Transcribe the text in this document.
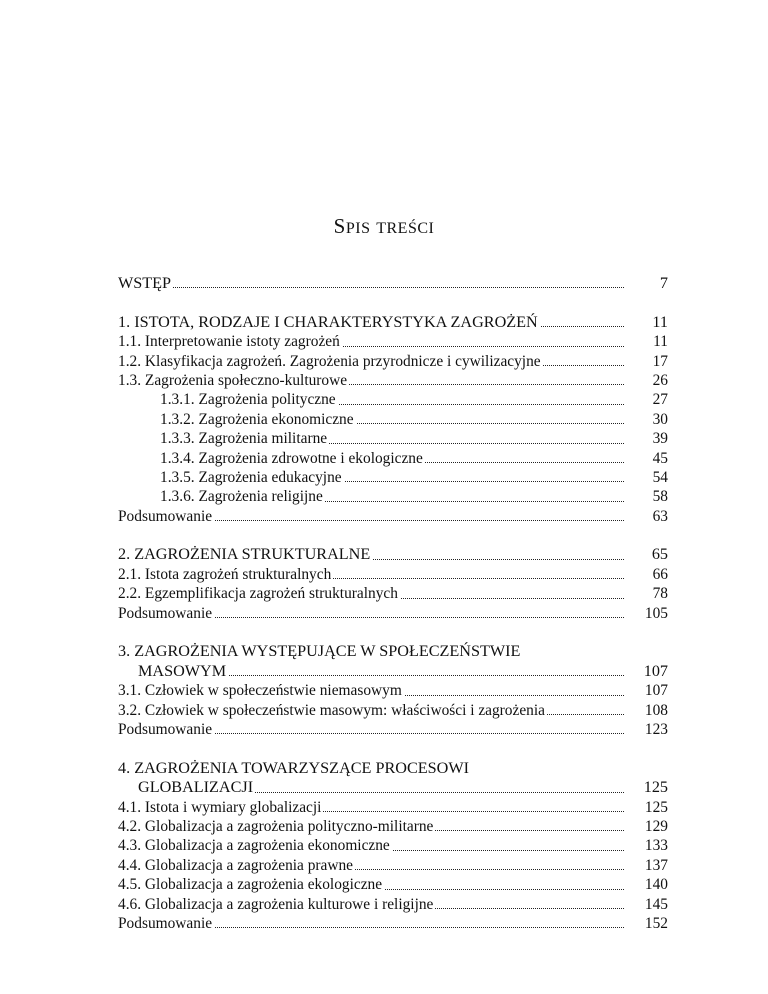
SPIS TREŚCI
WSTĘP	7
1. ISTOTA, RODZAJE I CHARAKTERYSTYKA ZAGROŻEŃ	11
1.1. Interpretowanie istoty zagrożeń	11
1.2. Klasyfikacja zagrożeń. Zagrożenia przyrodnicze i cywilizacyjne	17
1.3. Zagrożenia społeczno-kulturowe	26
1.3.1. Zagrożenia polityczne	27
1.3.2. Zagrożenia ekonomiczne	30
1.3.3. Zagrożenia militarne	39
1.3.4. Zagrożenia zdrowotne i ekologiczne	45
1.3.5. Zagrożenia edukacyjne	54
1.3.6. Zagrożenia religijne	58
Podsumowanie	63
2. ZAGROŻENIA STRUKTURALNE	65
2.1. Istota zagrożeń strukturalnych	66
2.2. Egzemplifikacja zagrożeń strukturalnych	78
Podsumowanie	105
3. ZAGROŻENIA WYSTĘPUJĄCE W SPOŁECZEŃSTWIE
MASOWYM	107
3.1. Człowiek w społeczeństwie niemasowym	107
3.2. Człowiek w społeczeństwie masowym: właściwości i zagrożenia	108
Podsumowanie	123
4. ZAGROŻENIA TOWARZYSZĄCE PROCESOWI
GLOBALIZACJI	125
4.1. Istota i wymiary globalizacji	125
4.2. Globalizacja a zagrożenia polityczno-militarne	129
4.3. Globalizacja a zagrożenia ekonomiczne	133
4.4. Globalizacja a zagrożenia prawne	137
4.5. Globalizacja a zagrożenia ekologiczne	140
4.6. Globalizacja a zagrożenia kulturowe i religijne	145
Podsumowanie	152
